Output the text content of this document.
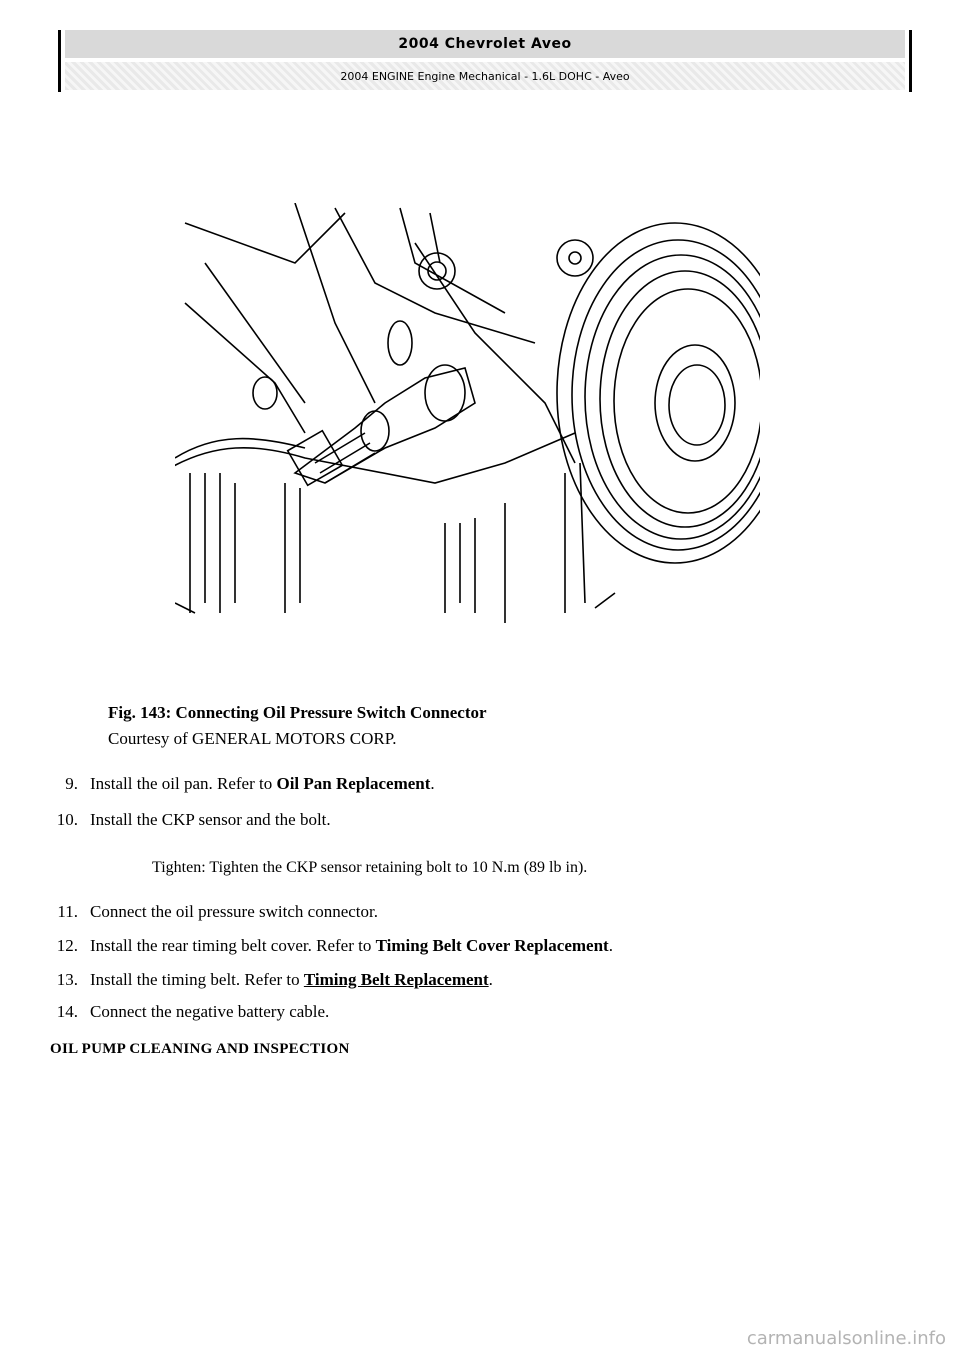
2004 Chevrolet Aveo
2004 ENGINE Engine Mechanical - 1.6L DOHC - Aveo
Fig. 143: Connecting Oil Pressure Switch Connector
Courtesy of GENERAL MOTORS CORP.
9. Install the oil pan. Refer to Oil Pan Replacement.
10. Install the CKP sensor and the bolt.
Tighten: Tighten the CKP sensor retaining bolt to 10 N.m (89 lb in).
11. Connect the oil pressure switch connector.
12. Install the rear timing belt cover. Refer to Timing Belt Cover Replacement.
13. Install the timing belt. Refer to Timing Belt Replacement.
14. Connect the negative battery cable.
OIL PUMP CLEANING AND INSPECTION
carmanualsonline.info
